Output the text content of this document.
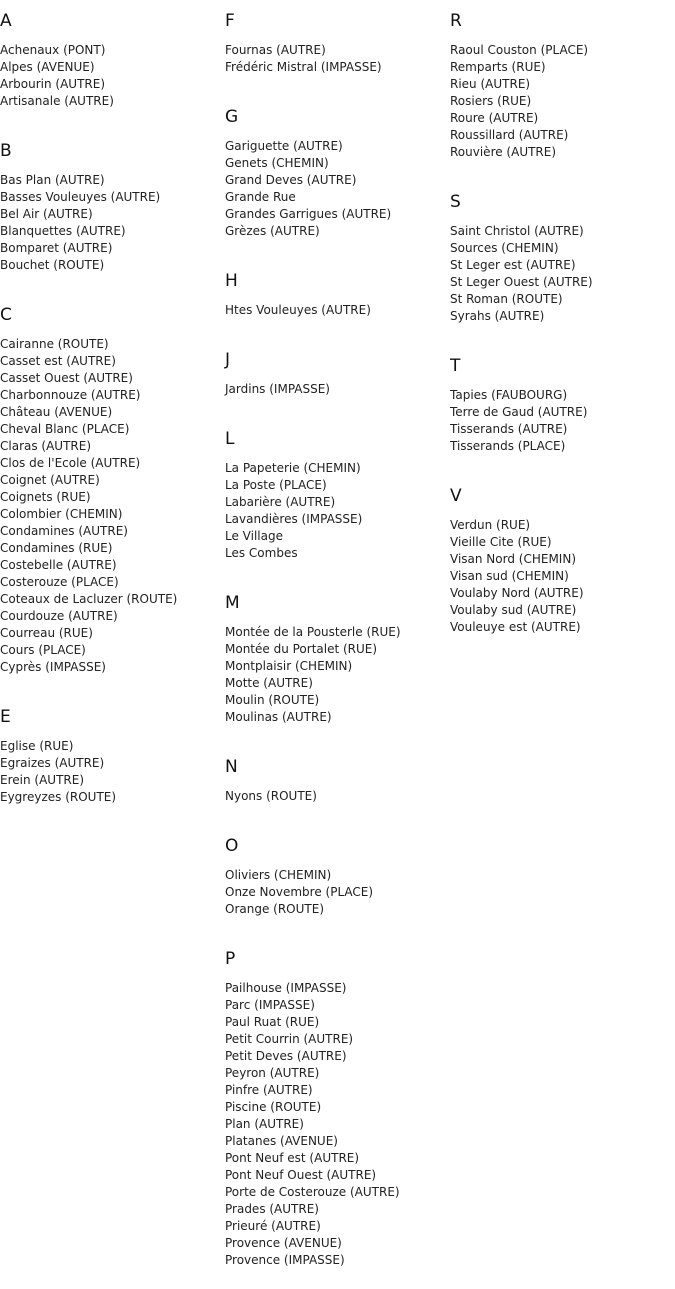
A
Achenaux (PONT)
Alpes (AVENUE)
Arbourin (AUTRE)
Artisanale (AUTRE)
B
Bas Plan (AUTRE)
Basses Vouleuyes (AUTRE)
Bel Air (AUTRE)
Blanquettes (AUTRE)
Bomparet (AUTRE)
Bouchet (ROUTE)
C
Cairanne (ROUTE)
Casset est (AUTRE)
Casset Ouest (AUTRE)
Charbonnouze (AUTRE)
Château (AVENUE)
Cheval Blanc (PLACE)
Claras (AUTRE)
Clos de l'Ecole (AUTRE)
Coignet (AUTRE)
Coignets (RUE)
Colombier (CHEMIN)
Condamines (AUTRE)
Condamines (RUE)
Costebelle (AUTRE)
Costerouze (PLACE)
Coteaux de Lacluzer (ROUTE)
Courdouze (AUTRE)
Courreau (RUE)
Cours (PLACE)
Cyprès (IMPASSE)
E
Eglise (RUE)
Egraizes (AUTRE)
Erein (AUTRE)
Eygreyzes (ROUTE)
F
Fournas (AUTRE)
Frédéric Mistral (IMPASSE)
G
Gariguette (AUTRE)
Genets (CHEMIN)
Grand Deves (AUTRE)
Grande Rue
Grandes Garrigues (AUTRE)
Grèzes (AUTRE)
H
Htes Vouleuyes (AUTRE)
J
Jardins (IMPASSE)
L
La Papeterie (CHEMIN)
La Poste (PLACE)
Labarière (AUTRE)
Lavandières (IMPASSE)
Le Village
Les Combes
M
Montée de la Pousterle (RUE)
Montée du Portalet (RUE)
Montplaisir (CHEMIN)
Motte (AUTRE)
Moulin (ROUTE)
Moulinas (AUTRE)
N
Nyons (ROUTE)
O
Oliviers (CHEMIN)
Onze Novembre (PLACE)
Orange (ROUTE)
P
Pailhouse (IMPASSE)
Parc (IMPASSE)
Paul Ruat (RUE)
Petit Courrin (AUTRE)
Petit Deves (AUTRE)
Peyron (AUTRE)
Pinfre (AUTRE)
Piscine (ROUTE)
Plan (AUTRE)
Platanes (AVENUE)
Pont Neuf est (AUTRE)
Pont Neuf Ouest (AUTRE)
Porte de Costerouze (AUTRE)
Prades (AUTRE)
Prieuré (AUTRE)
Provence (AVENUE)
Provence (IMPASSE)
R
Raoul Couston (PLACE)
Remparts (RUE)
Rieu (AUTRE)
Rosiers (RUE)
Roure (AUTRE)
Roussillard (AUTRE)
Rouvière (AUTRE)
S
Saint Christol (AUTRE)
Sources (CHEMIN)
St Leger est (AUTRE)
St Leger Ouest (AUTRE)
St Roman (ROUTE)
Syrahs (AUTRE)
T
Tapies (FAUBOURG)
Terre de Gaud (AUTRE)
Tisserands (AUTRE)
Tisserands (PLACE)
V
Verdun (RUE)
Vieille Cite (RUE)
Visan Nord (CHEMIN)
Visan sud (CHEMIN)
Voulaby Nord (AUTRE)
Voulaby sud (AUTRE)
Vouleuye est (AUTRE)
